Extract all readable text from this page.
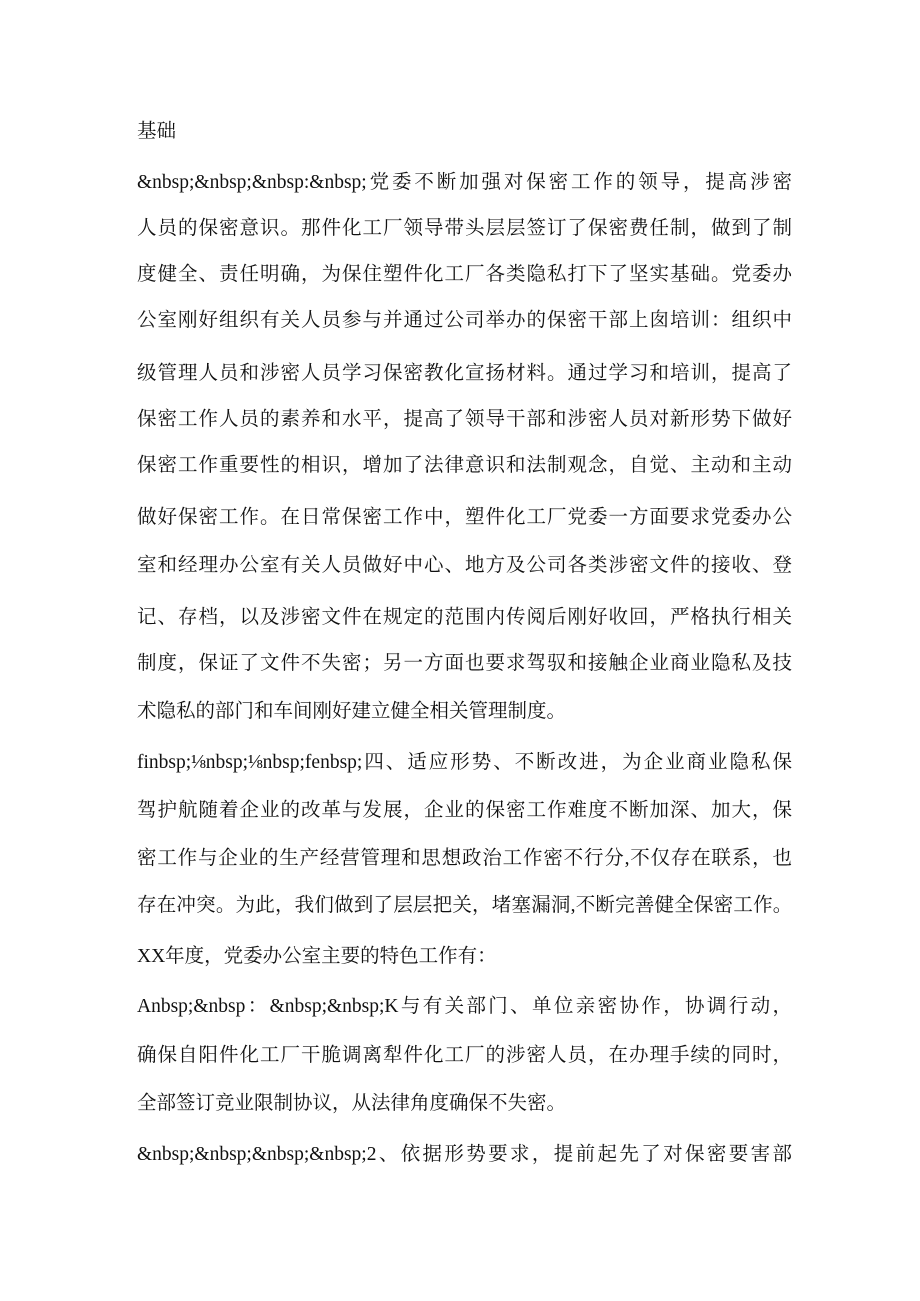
基础
&nbsp;&nbsp;&nbsp:&nbsp;党委不断加强对保密工作的领导，提高涉密
人员的保密意识。那件化工厂领导带头层层签订了保密费任制，做到了制
度健全、责任明确，为保住塑件化工厂各类隐私打下了坚实基础。党委办
公室刚好组织有关人员参与并通过公司举办的保密干部上囱培训：组织中
级管理人员和涉密人员学习保密教化宣扬材料。通过学习和培训，提高了
保密工作人员的素养和水平，提高了领导干部和涉密人员对新形势下做好
保密工作重要性的相识，增加了法律意识和法制观念，自觉、主动和主动
做好保密工作。在日常保密工作中，塑件化工厂党委一方面要求党委办公
室和经理办公室有关人员做好中心、地方及公司各类涉密文件的接收、登
记、存档，以及涉密文件在规定的范围内传阅后刚好收回，严格执行相关
制度，保证了文件不失密；另一方面也要求驾驭和接触企业商业隐私及技
术隐私的部门和车间刚好建立健全相关管理制度。
finbsp;⅛nbsp;⅛nbsp;fenbsp;四、适应形势、不断改进，为企业商业隐私保
驾护航随着企业的改革与发展，企业的保密工作难度不断加深、加大，保
密工作与企业的生产经营管理和思想政治工作密不行分,不仅存在联系，也
存在冲突。为此，我们做到了层层把关，堵塞漏洞,不断完善健全保密工作。
XX年度，党委办公室主要的特色工作有：
Anbsp;&nbsp：&nbsp;&nbsp;K与有关部门、单位亲密协作，协调行动，
确保自阳件化工厂干脆调离犁件化工厂的涉密人员，在办理手续的同时，
全部签订竞业限制协议，从法律角度确保不失密。
&nbsp;&nbsp;&nbsp;&nbsp;2、依据形势要求，提前起先了对保密要害部
